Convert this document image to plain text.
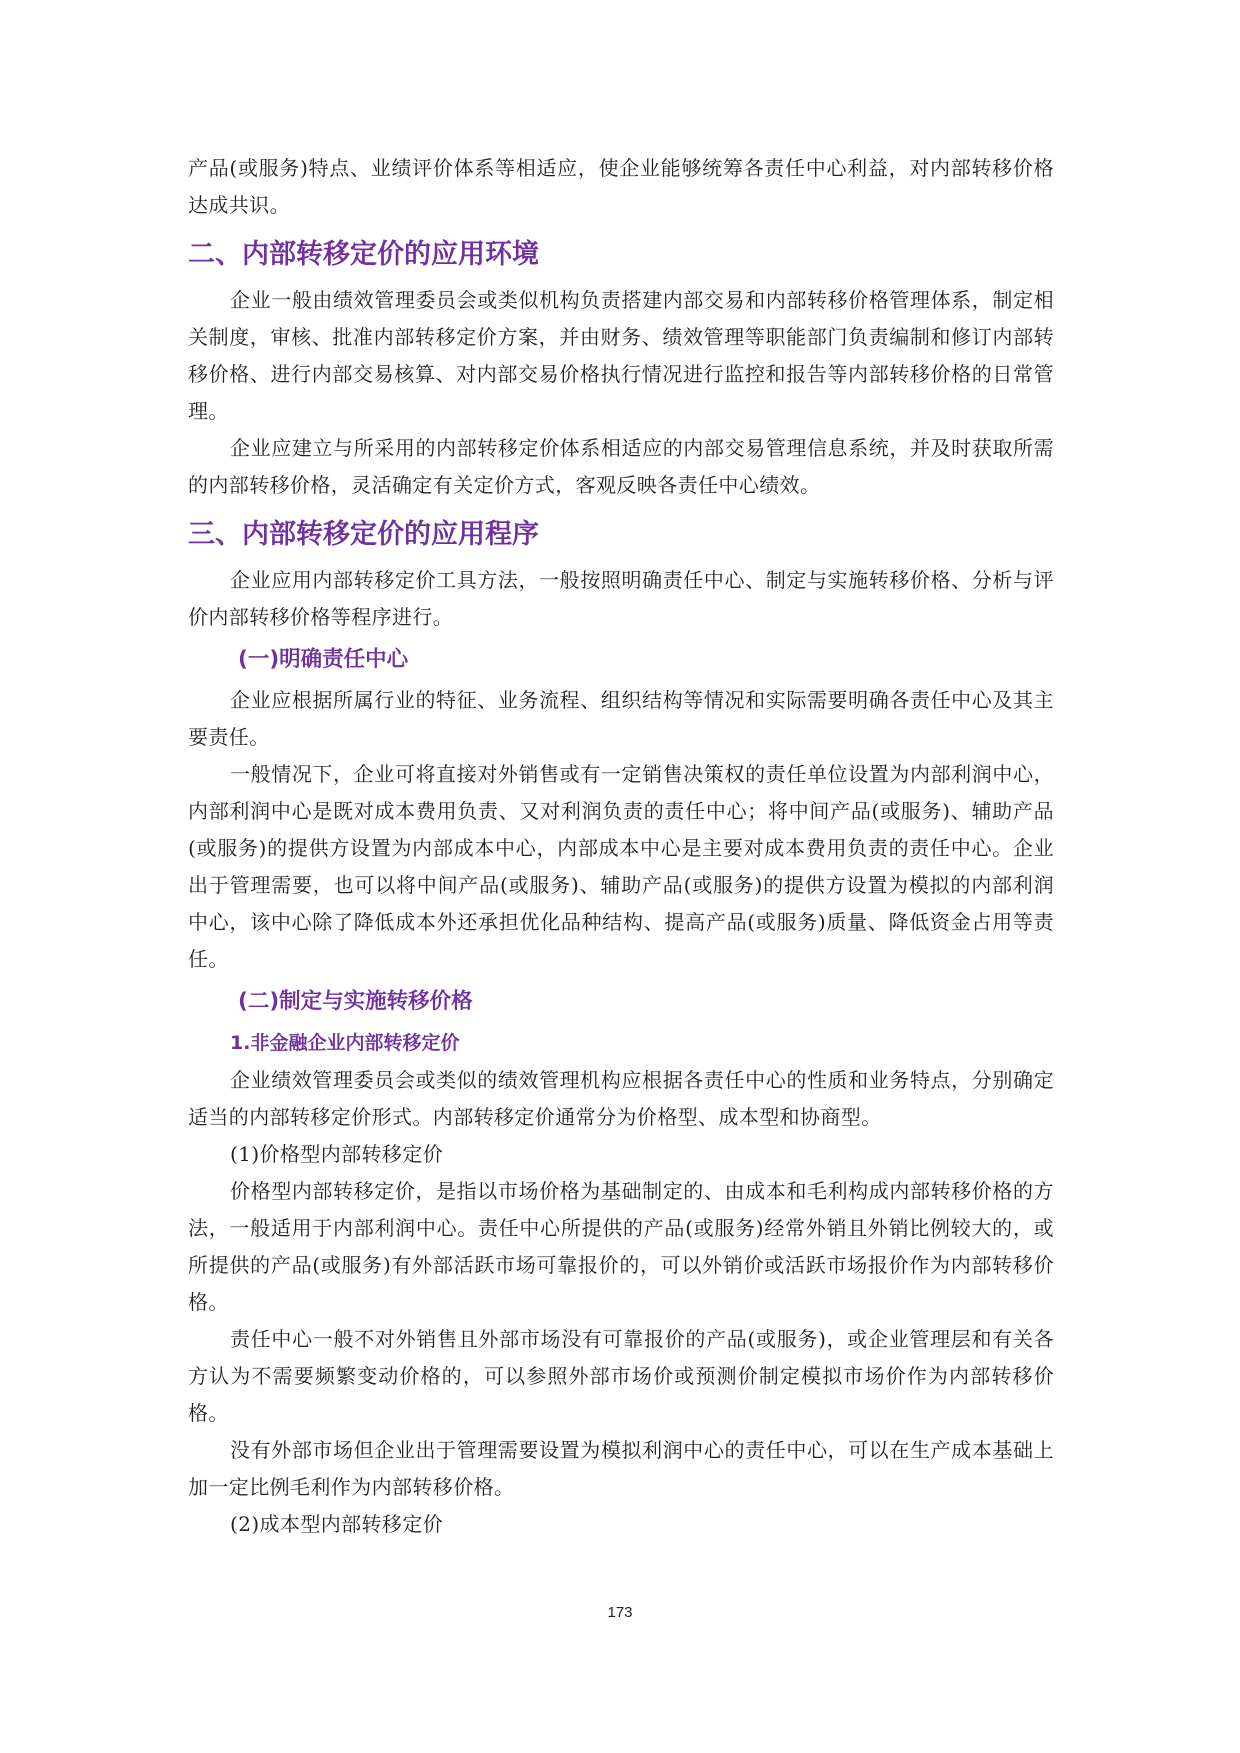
产品(或服务)特点、业绩评价体系等相适应，使企业能够统筹各责任中心利益，对内部转移价格达成共识。

二、内部转移定价的应用环境

企业一般由绩效管理委员会或类似机构负责搭建内部交易和内部转移价格管理体系，制定相关制度，审核、批准内部转移定价方案，并由财务、绩效管理等职能部门负责编制和修订内部转移价格、进行内部交易核算、对内部交易价格执行情况进行监控和报告等内部转移价格的日常管理。

企业应建立与所采用的内部转移定价体系相适应的内部交易管理信息系统，并及时获取所需的内部转移价格，灵活确定有关定价方式，客观反映各责任中心绩效。

三、内部转移定价的应用程序

企业应用内部转移定价工具方法，一般按照明确责任中心、制定与实施转移价格、分析与评价内部转移价格等程序进行。

(一)明确责任中心

企业应根据所属行业的特征、业务流程、组织结构等情况和实际需要明确各责任中心及其主要责任。

一般情况下，企业可将直接对外销售或有一定销售决策权的责任单位设置为内部利润中心，内部利润中心是既对成本费用负责、又对利润负责的责任中心；将中间产品(或服务)、辅助产品(或服务)的提供方设置为内部成本中心，内部成本中心是主要对成本费用负责的责任中心。企业出于管理需要，也可以将中间产品(或服务)、辅助产品(或服务)的提供方设置为模拟的内部利润中心，该中心除了降低成本外还承担优化品种结构、提高产品(或服务)质量、降低资金占用等责任。

(二)制定与实施转移价格
1.非金融企业内部转移定价

企业绩效管理委员会或类似的绩效管理机构应根据各责任中心的性质和业务特点，分别确定适当的内部转移定价形式。内部转移定价通常分为价格型、成本型和协商型。

(1)价格型内部转移定价

价格型内部转移定价，是指以市场价格为基础制定的、由成本和毛利构成内部转移价格的方法，一般适用于内部利润中心。责任中心所提供的产品(或服务)经常外销且外销比例较大的，或所提供的产品(或服务)有外部活跃市场可靠报价的，可以外销价或活跃市场报价作为内部转移价格。

责任中心一般不对外销售且外部市场没有可靠报价的产品(或服务)，或企业管理层和有关各方认为不需要频繁变动价格的，可以参照外部市场价或预测价制定模拟市场价作为内部转移价格。

没有外部市场但企业出于管理需要设置为模拟利润中心的责任中心，可以在生产成本基础上加一定比例毛利作为内部转移价格。

(2)成本型内部转移定价

173
